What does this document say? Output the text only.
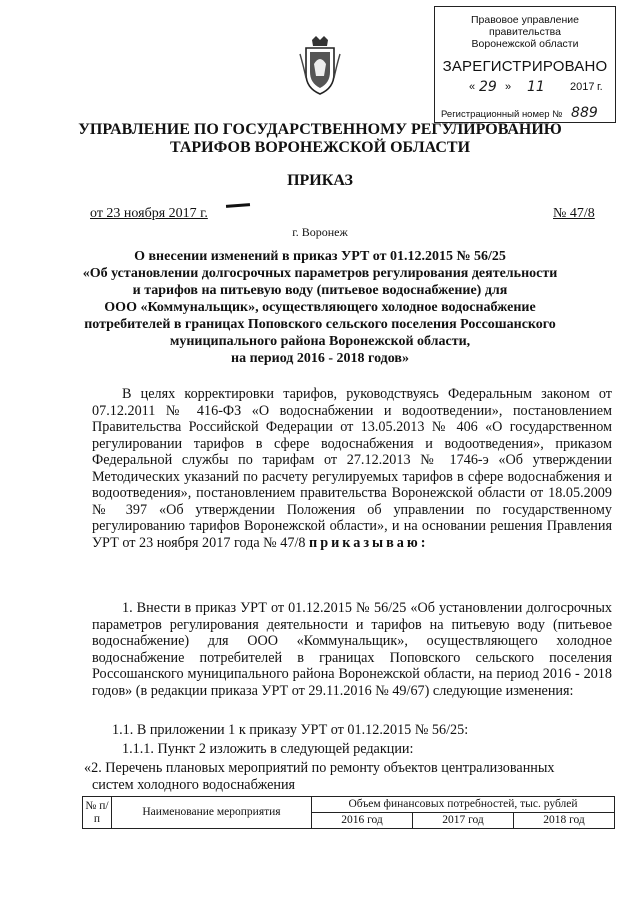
Правовое управление правительства
Воронежской области
ЗАРЕГИСТРИРОВАНО
« 29 » 11 2017 г.
Регистрационный номер № 889
УПРАВЛЕНИЕ ПО ГОСУДАРСТВЕННОМУ РЕГУЛИРОВАНИЮ
ТАРИФОВ ВОРОНЕЖСКОЙ ОБЛАСТИ
ПРИКАЗ
от 23 ноября 2017 г.	№ 47/8
г. Воронеж
О внесении изменений в приказ УРТ от 01.12.2015 № 56/25
«Об установлении долгосрочных параметров регулирования деятельности
и тарифов на питьевую воду (питьевое водоснабжение) для
ООО «Коммунальщик», осуществляющего холодное водоснабжение
потребителей в границах Поповского сельского поселения Россошанского
муниципального района Воронежской области,
на период 2016 - 2018 годов»

В целях корректировки тарифов, руководствуясь Федеральным законом от 07.12.2011 № 416-ФЗ «О водоснабжении и водоотведении», постановлением Правительства Российской Федерации от 13.05.2013 № 406 «О государственном регулировании тарифов в сфере водоснабжения и водоотведения», приказом Федеральной службы по тарифам от 27.12.2013 № 1746-э «Об утверждении Методических указаний по расчету регулируемых тарифов в сфере водоснабжения и водоотведения», постановлением правительства Воронежской области от 18.05.2009 № 397 «Об утверждении Положения об управлении по государственному регулированию тарифов Воронежской области», и на основании решения Правления УРТ от 23 ноября 2017 года № 47/8 приказываю:

1. Внести в приказ УРТ от 01.12.2015 № 56/25 «Об установлении долгосрочных параметров регулирования деятельности и тарифов на питьевую воду (питьевое водоснабжение) для ООО «Коммунальщик», осуществляющего холодное водоснабжение потребителей в границах Поповского сельского поселения Россошанского муниципального района Воронежской области, на период 2016 - 2018 годов» (в редакции приказа УРТ от 29.11.2016 № 49/67) следующие изменения:

1.1. В приложении 1 к приказу УРТ от 01.12.2015 № 56/25:
1.1.1. Пункт 2 изложить в следующей редакции:
«2. Перечень плановых мероприятий по ремонту объектов централизованных
систем холодного водоснабжения
№ п/п	Наименование мероприятия	Объем финансовых потребностей, тыс. рублей		
		2016 год	2017 год	2018 год
